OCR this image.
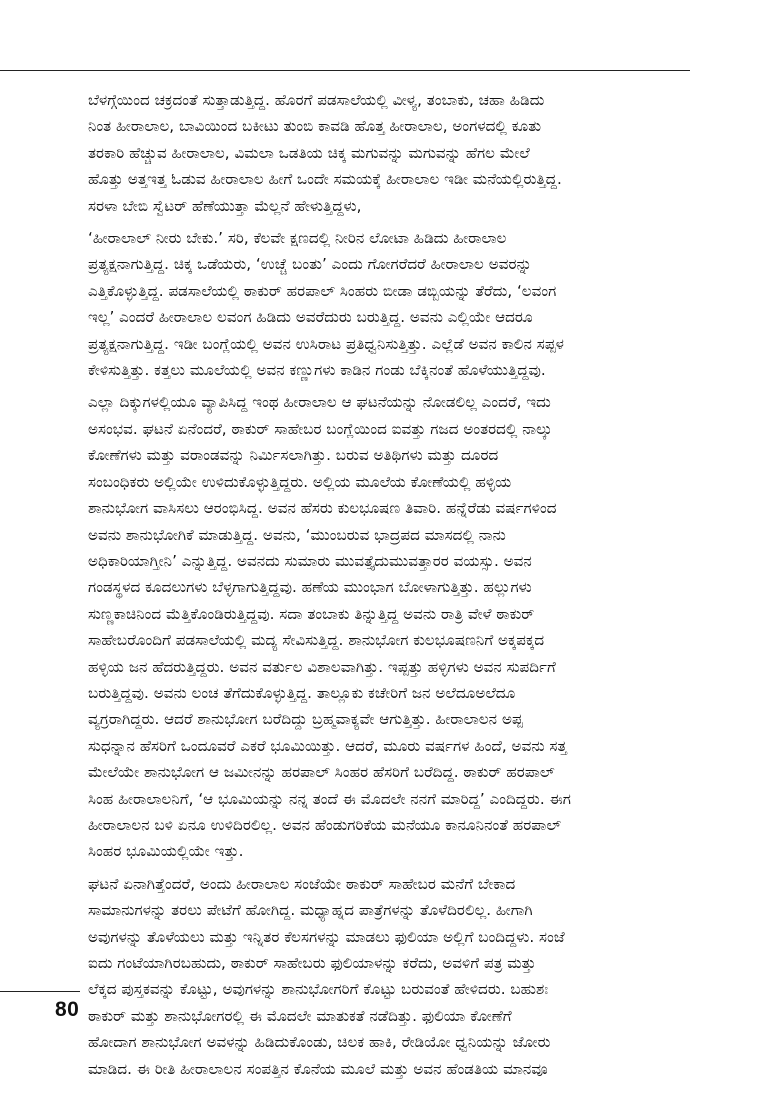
ಬೆಳಗ್ಗೆಯಿಂದ ಚಕ್ರದಂತೆ ಸುತ್ತಾಡುತ್ತಿದ್ದ. ಹೊರಗೆ ಪಡಸಾಲೆಯಲ್ಲಿ ವೀಳ್ಯ, ತಂಬಾಕು, ಚಹಾ ಹಿಡಿದು
ನಿಂತ ಹೀರಾಲಾಲ, ಬಾವಿಯಿಂದ ಬಕೀಟು ತುಂಬಿ ಕಾವಡಿ ಹೊತ್ತ ಹೀರಾಲಾಲ, ಅಂಗಳದಲ್ಲಿ ಕೂತು
ತರಕಾರಿ ಹೆಚ್ಚುವ ಹೀರಾಲಾಲ, ವಿಮಲಾ ಒಡತಿಯ ಚಿಕ್ಕ ಮಗುವನ್ನು ಮಗುವನ್ನು ಹೆಗಲ ಮೇಲೆ
ಹೊತ್ತು ಅತ್ತಇತ್ತ ಓಡುವ ಹೀರಾಲಾಲ ಹೀಗೆ ಒಂದೇ ಸಮಯಕ್ಕೆ ಹೀರಾಲಾಲ ಇಡೀ ಮನೆಯಲ್ಲಿರುತ್ತಿದ್ದ.
ಸರಳಾ ಬೇಬಿ ಸ್ವೆಟರ್ ಹೆಣೆಯುತ್ತಾ ಮೆಲ್ಲನೆ ಹೇಳುತ್ತಿದ್ದಳು,

‘ಹೀರಾಲಾಲ್ ನೀರು ಬೇಕು.’ ಸರಿ, ಕೆಲವೇ ಕ್ಷಣದಲ್ಲಿ ನೀರಿನ ಲೋಟಾ ಹಿಡಿದು ಹೀರಾಲಾಲ
ಪ್ರತ್ಯಕ್ಷನಾಗುತ್ತಿದ್ದ. ಚಿಕ್ಕ ಒಡೆಯರು, ‘ಉಚ್ಚೆ ಬಂತು’ ಎಂದು ಗೋಗರೆದರೆ ಹೀರಾಲಾಲ ಅವರನ್ನು
ಎತ್ತಿಕೊಳ್ಳುತ್ತಿದ್ದ. ಪಡಸಾಲೆಯಲ್ಲಿ ಠಾಕುರ್ ಹರಪಾಲ್ ಸಿಂಹರು ಬೀಡಾ ಡಬ್ಬಿಯನ್ನು ತೆರೆದು, ‘ಲವಂಗ
ಇಲ್ಲ’ ಎಂದರೆ ಹೀರಾಲಾಲ ಲವಂಗ ಹಿಡಿದು ಅವರೆದುರು ಬರುತ್ತಿದ್ದ. ಅವನು ಎಲ್ಲಿಯೇ ಆದರೂ
ಪ್ರತ್ಯಕ್ಷನಾಗುತ್ತಿದ್ದ. ಇಡೀ ಬಂಗ್ಲೆಯಲ್ಲಿ ಅವನ ಉಸಿರಾಟ ಪ್ರತಿಧ್ವನಿಸುತ್ತಿತ್ತು. ಎಲ್ಲೆಡೆ ಅವನ ಕಾಲಿನ ಸಪ್ಪಳ
ಕೇಳಿಸುತ್ತಿತ್ತು. ಕತ್ತಲು ಮೂಲೆಯಲ್ಲಿ ಅವನ ಕಣ್ಣುಗಳು ಕಾಡಿನ ಗಂಡು ಬೆಕ್ಕಿನಂತೆ ಹೊಳೆಯುತ್ತಿದ್ದವು.

ಎಲ್ಲಾ ದಿಕ್ಕುಗಳಲ್ಲಿಯೂ ವ್ಯಾಪಿಸಿದ್ದ ಇಂಥ ಹೀರಾಲಾಲ ಆ ಘಟನೆಯನ್ನು ನೋಡಲಿಲ್ಲ ಎಂದರೆ, ಇದು
ಅಸಂಭವ. ಘಟನೆ ಏನೆಂದರೆ, ಠಾಕುರ್ ಸಾಹೇಬರ ಬಂಗ್ಲೆಯಿಂದ ಐವತ್ತು ಗಜದ ಅಂತರದಲ್ಲಿ ನಾಲ್ಕು
ಕೋಣೆಗಳು ಮತ್ತು ವರಾಂಡವನ್ನು ನಿರ್ಮಿಸಲಾಗಿತ್ತು. ಬರುವ ಅತಿಥಿಗಳು ಮತ್ತು ದೂರದ
ಸಂಬಂಧಿಕರು ಅಲ್ಲಿಯೇ ಉಳಿದುಕೊಳ್ಳುತ್ತಿದ್ದರು. ಅಲ್ಲಿಯ ಮೂಲೆಯ ಕೋಣೆಯಲ್ಲಿ ಹಳ್ಳಿಯ
ಶಾನುಭೋಗ ವಾಸಿಸಲು ಆರಂಭಿಸಿದ್ದ. ಅವನ ಹೆಸರು ಕುಲಭೂಷಣ ತಿವಾರಿ. ಹನ್ನೆರೆಡು ವರ್ಷಗಳಿಂದ
ಅವನು ಶಾನುಭೋಗಿಕೆ ಮಾಡುತ್ತಿದ್ದ. ಅವನು, ‘ಮುಂಬರುವ ಭಾದ್ರಪದ ಮಾಸದಲ್ಲಿ ನಾನು
ಅಧಿಕಾರಿಯಾಗ್ತೀನಿ’ ಎನ್ನುತ್ತಿದ್ದ. ಅವನದು ಸುಮಾರು ಮುವತ್ತೈದುಮುವತ್ತಾರರ ವಯಸ್ಸು. ಅವನ
ಗಂಡಸ್ಥಳದ ಕೂದಲುಗಳು ಬೆಳ್ಳಗಾಗುತ್ತಿದ್ದವು. ಹಣೆಯ ಮುಂಭಾಗ ಬೋಳಾಗುತ್ತಿತ್ತು. ಹಲ್ಲುಗಳು
ಸುಣ್ಣಕಾಚಿನಿಂದ ಮೆತ್ತಿಕೊಂಡಿರುತ್ತಿದ್ದವು. ಸದಾ ತಂಬಾಕು ತಿನ್ನುತ್ತಿದ್ದ ಅವನು ರಾತ್ರಿ ವೇಳೆ ಠಾಕುರ್
ಸಾಹೇಬರೊಂದಿಗೆ ಪಡಸಾಲೆಯಲ್ಲಿ ಮದ್ಯ ಸೇವಿಸುತ್ತಿದ್ದ. ಶಾನುಭೋಗ ಕುಲಭೂಷಣನಿಗೆ ಅಕ್ಕಪಕ್ಕದ
ಹಳ್ಳಿಯ ಜನ ಹೆದರುತ್ತಿದ್ದರು. ಅವನ ವರ್ತುಲ ವಿಶಾಲವಾಗಿತ್ತು. ಇಪ್ಪತ್ತು ಹಳ್ಳಿಗಳು ಅವನ ಸುಪರ್ದಿಗೆ
ಬರುತ್ತಿದ್ದವು. ಅವನು ಲಂಚ ತೆಗೆದುಕೊಳ್ಳುತ್ತಿದ್ದ. ತಾಲ್ಲೂಕು ಕಚೇರಿಗೆ ಜನ ಅಲೆದೂಅಲೆದೂ
ವ್ಯಗ್ರರಾಗಿದ್ದರು. ಆದರೆ ಶಾನುಭೋಗ ಬರೆದಿದ್ದು ಬ್ರಹ್ಮವಾಕ್ಯವೇ ಆಗುತ್ತಿತ್ತು. ಹೀರಾಲಾಲನ ಅಪ್ಪ
ಸುಧನ್ನಾನ ಹೆಸರಿಗೆ ಒಂದೂವರೆ ಎಕರೆ ಭೂಮಿಯಿತ್ತು. ಆದರೆ, ಮೂರು ವರ್ಷಗಳ ಹಿಂದೆ, ಅವನು ಸತ್ತ
ಮೇಲೆಯೇ ಶಾನುಭೋಗ ಆ ಜಮೀನನ್ನು ಹರಪಾಲ್ ಸಿಂಹರ ಹೆಸರಿಗೆ ಬರೆದಿದ್ದ. ಠಾಕುರ್ ಹರಪಾಲ್
ಸಿಂಹ ಹೀರಾಲಾಲನಿಗೆ, ‘ಆ ಭೂಮಿಯನ್ನು ನನ್ನ ತಂದೆ ಈ ಮೊದಲೇ ನನಗೆ ಮಾರಿದ್ದ’ ಎಂದಿದ್ದರು. ಈಗ
ಹೀರಾಲಾಲನ ಬಳಿ ಏನೂ ಉಳಿದಿರಲಿಲ್ಲ. ಅವನ ಹೆಂಡುಗರಿಕೆಯ ಮನೆಯೂ ಕಾನೂನಿನಂತೆ ಹರಪಾಲ್
ಸಿಂಹರ ಭೂಮಿಯಲ್ಲಿಯೇ ಇತ್ತು.

ಘಟನೆ ಏನಾಗಿತ್ತೆಂದರೆ, ಅಂದು ಹೀರಾಲಾಲ ಸಂಜೆಯೇ ಠಾಕುರ್ ಸಾಹೇಬರ ಮನೆಗೆ ಬೇಕಾದ
ಸಾಮಾನುಗಳನ್ನು ತರಲು ಪೇಟೆಗೆ ಹೋಗಿದ್ದ. ಮಧ್ಯಾಹ್ನದ ಪಾತ್ರೆಗಳನ್ನು ತೊಳೆದಿರಲಿಲ್ಲ. ಹೀಗಾಗಿ
ಅವುಗಳನ್ನು ತೊಳೆಯಲು ಮತ್ತು ಇನ್ನಿತರ ಕೆಲಸಗಳನ್ನು ಮಾಡಲು ಫುಲಿಯಾ ಅಲ್ಲಿಗೆ ಬಂದಿದ್ದಳು. ಸಂಜೆ
ಐದು ಗಂಟೆಯಾಗಿರಬಹುದು, ಠಾಕುರ್ ಸಾಹೇಬರು ಫುಲಿಯಾಳನ್ನು ಕರೆದು, ಅವಳಿಗೆ ಪತ್ರ ಮತ್ತು
ಲೆಕ್ಕದ ಪುಸ್ತಕವನ್ನು ಕೊಟ್ಟು, ಅವುಗಳನ್ನು ಶಾನುಭೋಗರಿಗೆ ಕೊಟ್ಟು ಬರುವಂತೆ ಹೇಳಿದರು. ಬಹುಶಃ
ಠಾಕುರ್ ಮತ್ತು ಶಾನುಭೋಗರಲ್ಲಿ ಈ ಮೊದಲೇ ಮಾತುಕತೆ ನಡೆದಿತ್ತು. ಫುಲಿಯಾ ಕೋಣೆಗೆ
ಹೋದಾಗ ಶಾನುಭೋಗ ಅವಳನ್ನು ಹಿಡಿದುಕೊಂಡು, ಚಿಲಕ ಹಾಕಿ, ರೇಡಿಯೋ ಧ್ವನಿಯನ್ನು ಜೋರು
ಮಾಡಿದ. ಈ ರೀತಿ ಹೀರಾಲಾಲನ ಸಂಪತ್ತಿನ ಕೊನೆಯ ಮೂಲೆ ಮತ್ತು ಅವನ ಹೆಂಡತಿಯ ಮಾನವೂ

80
